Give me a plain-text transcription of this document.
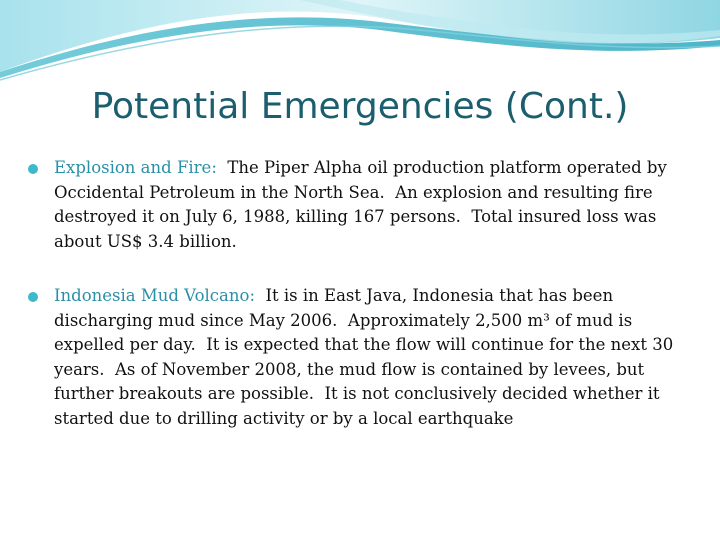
Potential Emergencies (Cont.)
Explosion and Fire:  The Piper Alpha oil production platform operated by Occidental Petroleum in the North Sea.  An explosion and resulting fire destroyed it on July 6, 1988, killing 167 persons.  Total insured loss was about US$ 3.4 billion.
Indonesia Mud Volcano:  It is in East Java, Indonesia that has been discharging mud since May 2006.  Approximately 2,500 m³ of mud is expelled per day.  It is expected that the flow will continue for the next 30 years.  As of November 2008, the mud flow is contained by levees, but further breakouts are possible.  It is not conclusively decided whether it started due to drilling activity or by a local earthquake
